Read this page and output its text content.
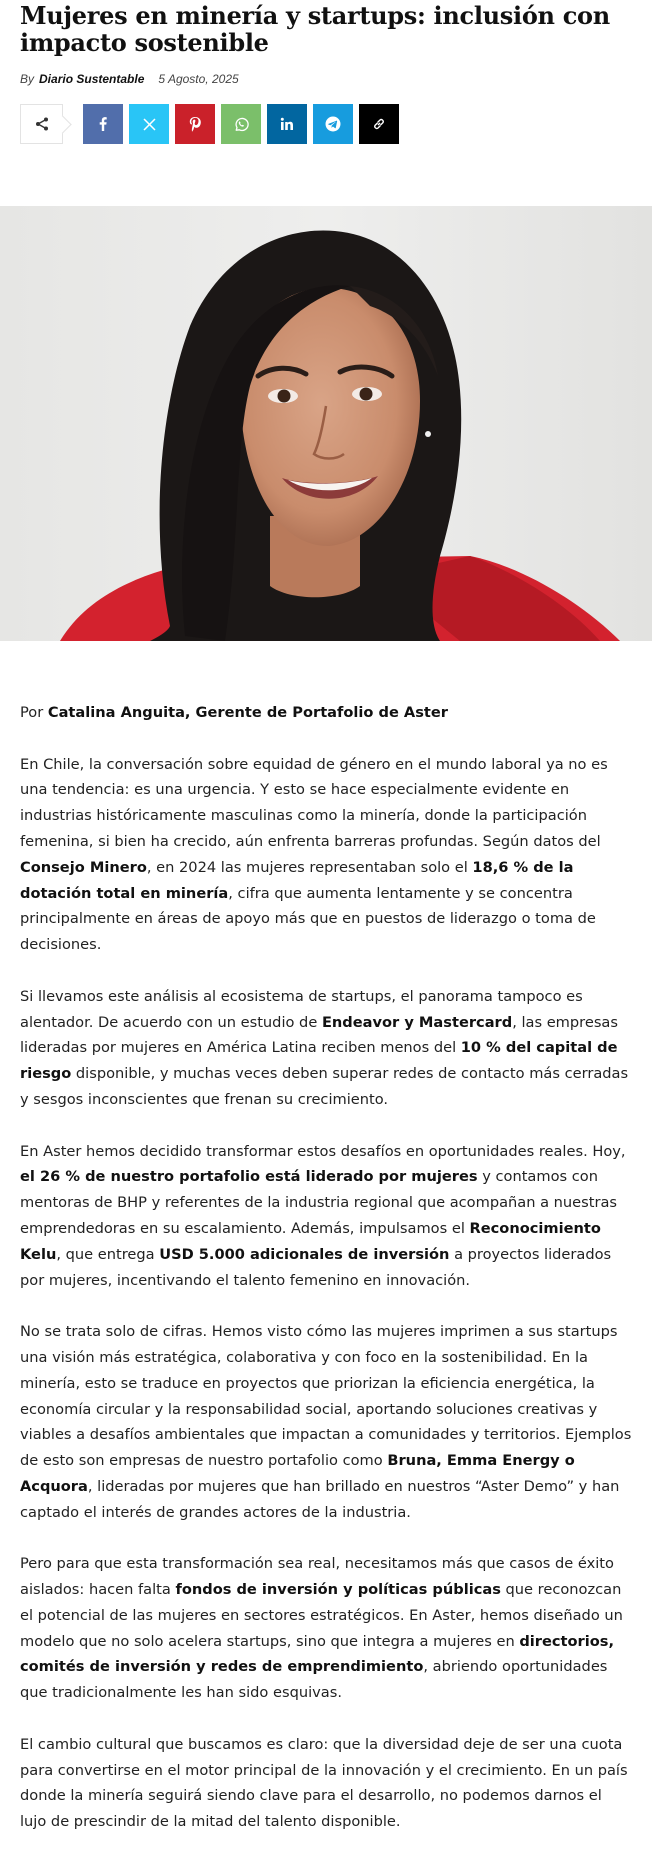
Mujeres en minería y startups: inclusión con impacto sostenible
By Diario Sustentable 5 Agosto, 2025

Por Catalina Anguita, Gerente de Portafolio de Aster

En Chile, la conversación sobre equidad de género en el mundo laboral ya no es una tendencia: es una urgencia. Y esto se hace especialmente evidente en industrias históricamente masculinas como la minería, donde la participación femenina, si bien ha crecido, aún enfrenta barreras profundas. Según datos del Consejo Minero, en 2024 las mujeres representaban solo el 18,6 % de la dotación total en minería, cifra que aumenta lentamente y se concentra principalmente en áreas de apoyo más que en puestos de liderazgo o toma de decisiones.

Si llevamos este análisis al ecosistema de startups, el panorama tampoco es alentador. De acuerdo con un estudio de Endeavor y Mastercard, las empresas lideradas por mujeres en América Latina reciben menos del 10 % del capital de riesgo disponible, y muchas veces deben superar redes de contacto más cerradas y sesgos inconscientes que frenan su crecimiento.

En Aster hemos decidido transformar estos desafíos en oportunidades reales. Hoy, el 26 % de nuestro portafolio está liderado por mujeres y contamos con mentoras de BHP y referentes de la industria regional que acompañan a nuestras emprendedoras en su escalamiento. Además, impulsamos el Reconocimiento Kelu, que entrega USD 5.000 adicionales de inversión a proyectos liderados por mujeres, incentivando el talento femenino en innovación.

No se trata solo de cifras. Hemos visto cómo las mujeres imprimen a sus startups una visión más estratégica, colaborativa y con foco en la sostenibilidad. En la minería, esto se traduce en proyectos que priorizan la eficiencia energética, la economía circular y la responsabilidad social, aportando soluciones creativas y viables a desafíos ambientales que impactan a comunidades y territorios. Ejemplos de esto son empresas de nuestro portafolio como Bruna, Emma Energy o Acquora, lideradas por mujeres que han brillado en nuestros “Aster Demo” y han captado el interés de grandes actores de la industria.

Pero para que esta transformación sea real, necesitamos más que casos de éxito aislados: hacen falta fondos de inversión y políticas públicas que reconozcan el potencial de las mujeres en sectores estratégicos. En Aster, hemos diseñado un modelo que no solo acelera startups, sino que integra a mujeres en directorios, comités de inversión y redes de emprendimiento, abriendo oportunidades que tradicionalmente les han sido esquivas.

El cambio cultural que buscamos es claro: que la diversidad deje de ser una cuota para convertirse en el motor principal de la innovación y el crecimiento. En un país donde la minería seguirá siendo clave para el desarrollo, no podemos darnos el lujo de prescindir de la mitad del talento disponible.
